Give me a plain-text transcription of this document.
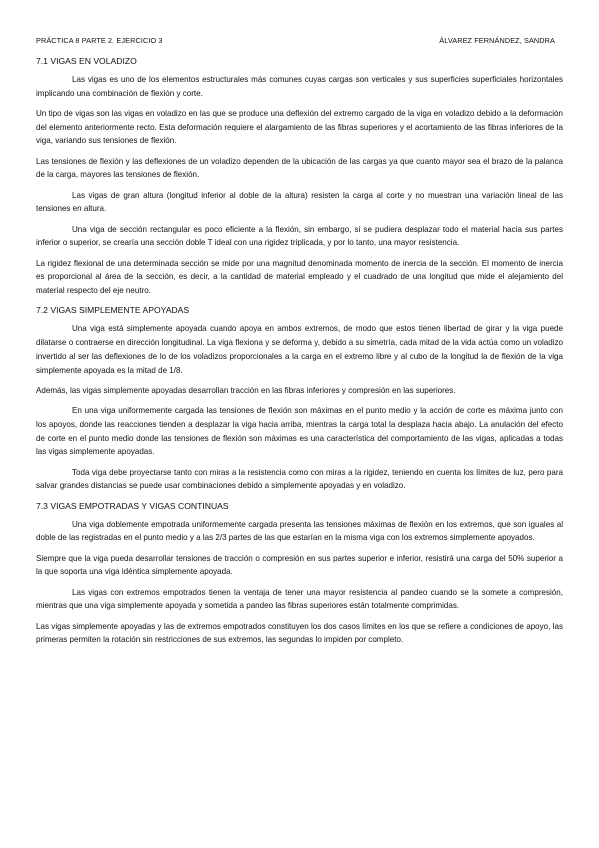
PRÁCTICA 8 PARTE 2. EJERCICIO 3	ÁLVAREZ FERNÁNDEZ, SANDRA
7.1 VIGAS EN VOLADIZO

Las vigas es uno de los elementos estructurales más comunes cuyas cargas son verticales y sus superficies superficiales horizontales implicando una combinación de flexión y corte.

Un tipo de vigas son las vigas en voladizo en las que se produce una deflexión del extremo cargado de la viga en voladizo debido a la deformación del elemento anteriormente recto. Esta deformación requiere el alargamiento de las fibras superiores y el acortamiento de las fibras inferiores de la viga, variando sus tensiones de flexión.

Las tensiones de flexión y las deflexiones de un voladizo dependen de la ubicación de las cargas ya que cuanto mayor sea el brazo de la palanca de la carga, mayores las tensiones de flexión.

Las vigas de gran altura (longitud inferior al doble de la altura) resisten la carga al corte y no muestran una variación lineal de las tensiones en altura.

Una viga de sección rectangular es poco eficiente a la flexión, sin embargo, si se pudiera desplazar todo el material hacia sus partes inferior o superior, se crearía una sección doble T ideal con una rigidez triplicada, y por lo tanto, una mayor resistencia.

La rigidez flexional de una determinada sección se mide por una magnitud denominada momento de inercia de la sección. El momento de inercia es proporcional al área de la sección, es decir, a la cantidad de material empleado y el cuadrado de una longitud que mide el alejamiento del material respecto del eje neutro.

7.2 VIGAS SIMPLEMENTE APOYADAS

Una viga está simplemente apoyada cuando apoya en ambos extremos, de modo que estos tienen libertad de girar y la viga puede dilatarse o contraerse en dirección longitudinal. La viga flexiona y se deforma y, debido a su simetría, cada mitad de la vida actúa como un voladizo invertido al ser las deflexiones de lo de los voladizos proporcionales a la carga en el extremo libre y al cubo de la longitud la de flexión de la viga simplemente apoyada es la mitad de 1/8.

Además, las vigas simplemente apoyadas desarrollan tracción en las fibras inferiores y compresión en las superiores.

En una viga uniformemente cargada las tensiones de flexión son máximas en el punto medio y la acción de corte es máxima junto con los apoyos, donde las reacciones tienden a desplazar la viga hacia arriba, mientras la carga total la desplaza hacia abajo. La anulación del efecto de corte en el punto medio donde las tensiones de flexión son máximas es una característica del comportamiento de las vigas, aplicadas a todas las vigas simplemente apoyadas.

Toda viga debe proyectarse tanto con miras a la resistencia como con miras a la rigidez, teniendo en cuenta los límites de luz, pero para salvar grandes distancias se puede usar combinaciones debido a simplemente apoyadas y en voladizo.

7.3 VIGAS EMPOTRADAS Y VIGAS CONTINUAS

Una viga doblemente empotrada uniformemente cargada presenta las tensiones máximas de flexión en los extremos, que son iguales al doble de las registradas en el punto medio y a las 2/3 partes de las que estarían en la misma viga con los extremos simplemente apoyados.

Siempre que la viga pueda desarrollar tensiones de tracción o compresión en sus partes superior e inferior, resistirá una carga del 50% superior a la que soporta una viga idéntica simplemente apoyada.

Las vigas con extremos empotrados tienen la ventaja de tener una mayor resistencia al pandeo cuando se la somete a compresión, mientras que una viga simplemente apoyada y sometida a pandeo las fibras superiores están totalmente comprimidas.

Las vigas simplemente apoyadas y las de extremos empotrados constituyen los dos casos límites en los que se refiere a condiciones de apoyo, las primeras permiten la rotación sin restricciones de sus extremos, las segundas lo impiden por completo.
